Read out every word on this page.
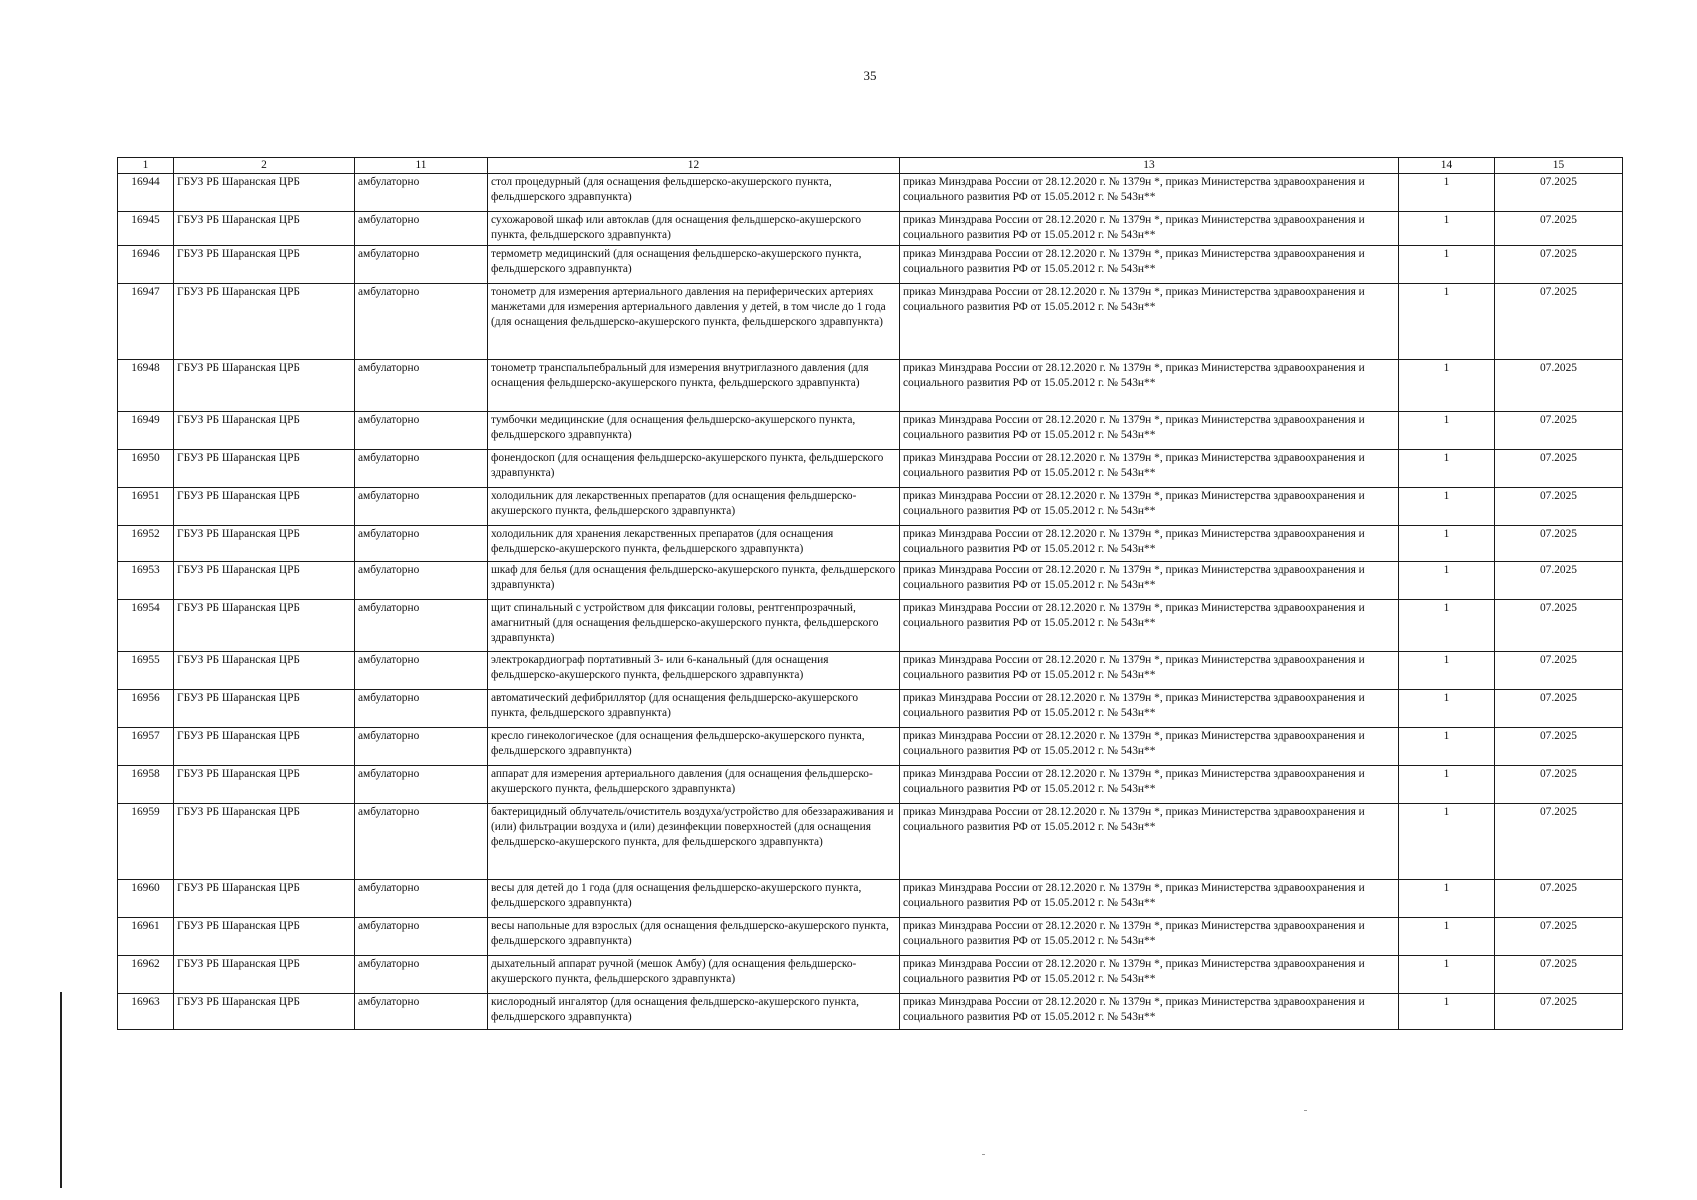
35
1	2	11	12	13	14	15
16944	ГБУЗ РБ Шаранская ЦРБ	амбулаторно	стол процедурный (для оснащения фельдшерско-акушерского пункта, фельдшерского здравпункта)	приказ Минздрава России от 28.12.2020 г. № 1379н *, приказ Министерства здравоохранения и социального развития РФ от 15.05.2012 г. № 543н**	1	07.2025
16945	ГБУЗ РБ Шаранская ЦРБ	амбулаторно	сухожаровой шкаф или автоклав (для оснащения фельдшерско-акушерского пункта, фельдшерского здравпункта)	приказ Минздрава России от 28.12.2020 г. № 1379н *, приказ Министерства здравоохранения и социального развития РФ от 15.05.2012 г. № 543н**	1	07.2025
16946	ГБУЗ РБ Шаранская ЦРБ	амбулаторно	термометр медицинский (для оснащения фельдшерско-акушерского пункта, фельдшерского здравпункта)	приказ Минздрава России от 28.12.2020 г. № 1379н *, приказ Министерства здравоохранения и социального развития РФ от 15.05.2012 г. № 543н**	1	07.2025
16947	ГБУЗ РБ Шаранская ЦРБ	амбулаторно	тонометр для измерения артериального давления на периферических артериях манжетами для измерения артериального давления у детей, в том числе до 1 года (для оснащения фельдшерско-акушерского пункта, фельдшерского здравпункта)	приказ Минздрава России от 28.12.2020 г. № 1379н *, приказ Министерства здравоохранения и социального развития РФ от 15.05.2012 г. № 543н**	1	07.2025
16948	ГБУЗ РБ Шаранская ЦРБ	амбулаторно	тонометр транспальпебральный для измерения внутриглазного давления (для оснащения фельдшерско-акушерского пункта, фельдшерского здравпункта)	приказ Минздрава России от 28.12.2020 г. № 1379н *, приказ Министерства здравоохранения и социального развития РФ от 15.05.2012 г. № 543н**	1	07.2025
16949	ГБУЗ РБ Шаранская ЦРБ	амбулаторно	тумбочки медицинские (для оснащения фельдшерско-акушерского пункта, фельдшерского здравпункта)	приказ Минздрава России от 28.12.2020 г. № 1379н *, приказ Министерства здравоохранения и социального развития РФ от 15.05.2012 г. № 543н**	1	07.2025
16950	ГБУЗ РБ Шаранская ЦРБ	амбулаторно	фонендоскоп (для оснащения фельдшерско-акушерского пункта, фельдшерского здравпункта)	приказ Минздрава России от 28.12.2020 г. № 1379н *, приказ Министерства здравоохранения и социального развития РФ от 15.05.2012 г. № 543н**	1	07.2025
16951	ГБУЗ РБ Шаранская ЦРБ	амбулаторно	холодильник для лекарственных препаратов (для оснащения фельдшерско-акушерского пункта, фельдшерского здравпункта)	приказ Минздрава России от 28.12.2020 г. № 1379н *, приказ Министерства здравоохранения и социального развития РФ от 15.05.2012 г. № 543н**	1	07.2025
16952	ГБУЗ РБ Шаранская ЦРБ	амбулаторно	холодильник для хранения лекарственных препаратов (для оснащения фельдшерско-акушерского пункта, фельдшерского здравпункта)	приказ Минздрава России от 28.12.2020 г. № 1379н *, приказ Министерства здравоохранения и социального развития РФ от 15.05.2012 г. № 543н**	1	07.2025
16953	ГБУЗ РБ Шаранская ЦРБ	амбулаторно	шкаф для белья (для оснащения фельдшерско-акушерского пункта, фельдшерского здравпункта)	приказ Минздрава России от 28.12.2020 г. № 1379н *, приказ Министерства здравоохранения и социального развития РФ от 15.05.2012 г. № 543н**	1	07.2025
16954	ГБУЗ РБ Шаранская ЦРБ	амбулаторно	щит спинальный с устройством для фиксации головы, рентгенпрозрачный, амагнитный (для оснащения фельдшерско-акушерского пункта, фельдшерского здравпункта)	приказ Минздрава России от 28.12.2020 г. № 1379н *, приказ Министерства здравоохранения и социального развития РФ от 15.05.2012 г. № 543н**	1	07.2025
16955	ГБУЗ РБ Шаранская ЦРБ	амбулаторно	электрокардиограф портативный 3- или 6-канальный (для оснащения фельдшерско-акушерского пункта, фельдшерского здравпункта)	приказ Минздрава России от 28.12.2020 г. № 1379н *, приказ Министерства здравоохранения и социального развития РФ от 15.05.2012 г. № 543н**	1	07.2025
16956	ГБУЗ РБ Шаранская ЦРБ	амбулаторно	автоматический дефибриллятор (для оснащения фельдшерско-акушерского пункта, фельдшерского здравпункта)	приказ Минздрава России от 28.12.2020 г. № 1379н *, приказ Министерства здравоохранения и социального развития РФ от 15.05.2012 г. № 543н**	1	07.2025
16957	ГБУЗ РБ Шаранская ЦРБ	амбулаторно	кресло гинекологическое (для оснащения фельдшерско-акушерского пункта, фельдшерского здравпункта)	приказ Минздрава России от 28.12.2020 г. № 1379н *, приказ Министерства здравоохранения и социального развития РФ от 15.05.2012 г. № 543н**	1	07.2025
16958	ГБУЗ РБ Шаранская ЦРБ	амбулаторно	аппарат для измерения артериального давления (для оснащения фельдшерско-акушерского пункта, фельдшерского здравпункта)	приказ Минздрава России от 28.12.2020 г. № 1379н *, приказ Министерства здравоохранения и социального развития РФ от 15.05.2012 г. № 543н**	1	07.2025
16959	ГБУЗ РБ Шаранская ЦРБ	амбулаторно	бактерицидный облучатель/очиститель воздуха/устройство для обеззараживания и (или) фильтрации воздуха и (или) дезинфекции поверхностей (для оснащения фельдшерско-акушерского пункта, для фельдшерского здравпункта)	приказ Минздрава России от 28.12.2020 г. № 1379н *, приказ Министерства здравоохранения и социального развития РФ от 15.05.2012 г. № 543н**	1	07.2025
16960	ГБУЗ РБ Шаранская ЦРБ	амбулаторно	весы для детей до 1 года (для оснащения фельдшерско-акушерского пункта, фельдшерского здравпункта)	приказ Минздрава России от 28.12.2020 г. № 1379н *, приказ Министерства здравоохранения и социального развития РФ от 15.05.2012 г. № 543н**	1	07.2025
16961	ГБУЗ РБ Шаранская ЦРБ	амбулаторно	весы напольные для взрослых (для оснащения фельдшерско-акушерского пункта, фельдшерского здравпункта)	приказ Минздрава России от 28.12.2020 г. № 1379н *, приказ Министерства здравоохранения и социального развития РФ от 15.05.2012 г. № 543н**	1	07.2025
16962	ГБУЗ РБ Шаранская ЦРБ	амбулаторно	дыхательный аппарат ручной (мешок Амбу) (для оснащения фельдшерско-акушерского пункта, фельдшерского здравпункта)	приказ Минздрава России от 28.12.2020 г. № 1379н *, приказ Министерства здравоохранения и социального развития РФ от 15.05.2012 г. № 543н**	1	07.2025
16963	ГБУЗ РБ Шаранская ЦРБ	амбулаторно	кислородный ингалятор (для оснащения фельдшерско-акушерского пункта, фельдшерского здравпункта)	приказ Минздрава России от 28.12.2020 г. № 1379н *, приказ Министерства здравоохранения и социального развития РФ от 15.05.2012 г. № 543н**	1	07.2025
